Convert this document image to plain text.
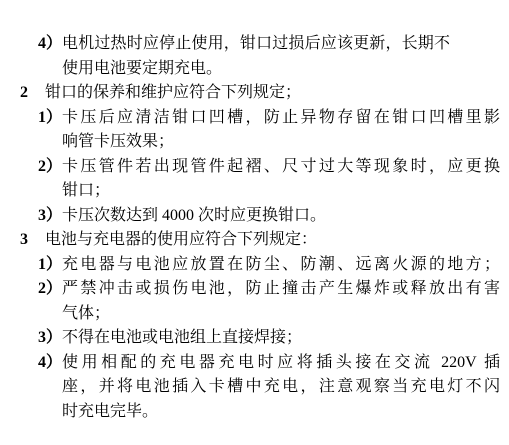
4） 电机过热时应停止使用，钳口过损后应该更新，长期不
使用电池要定期充电。
2	钳口的保养和维护应符合下列规定；
1） 卡压后应清洁钳口凹槽，防止异物存留在钳口凹槽里影
响管卡压效果；
2） 卡压管件若出现管件起褶、尺寸过大等现象时，应更换
钳口；
3） 卡压次数达到 4000 次时应更换钳口。
3	电池与充电器的使用应符合下列规定：
1） 充电器与电池应放置在防尘、防潮、远离火源的地方；
2） 严禁冲击或损伤电池，防止撞击产生爆炸或释放出有害
气体；
3） 不得在电池或电池组上直接焊接；
4） 使用相配的充电器充电时应将插头接在交流 220V 插
座，并将电池插入卡槽中充电，注意观察当充电灯不闪
时充电完毕。
